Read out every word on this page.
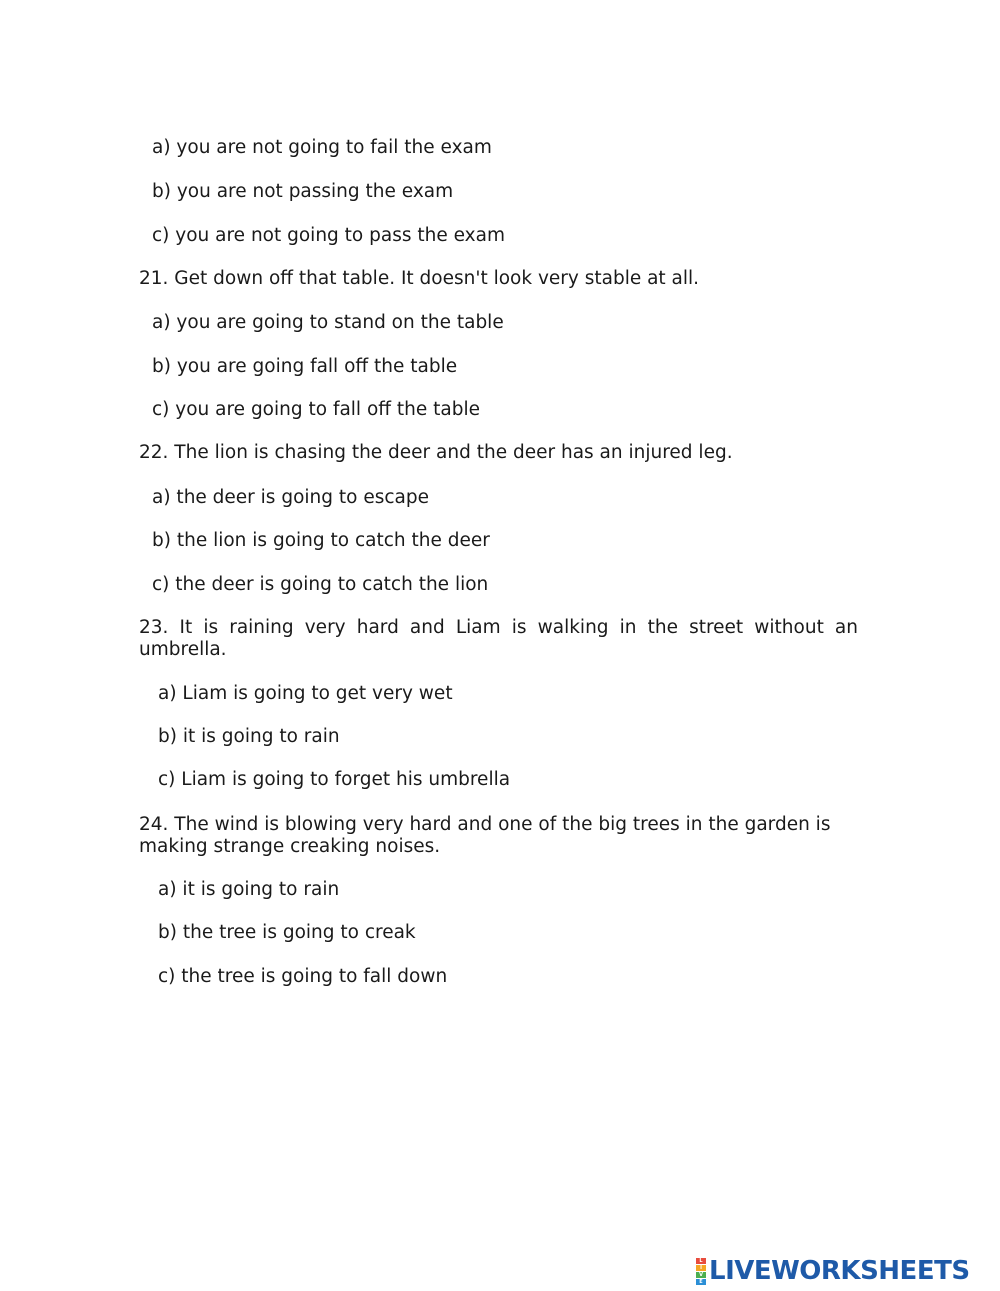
a) you are not going to fail the exam
b) you are not passing the exam
c) you are not going to pass the exam
21. Get down off that table. It doesn't look very stable at all.
a) you are going to stand on the table
b) you are going fall off the table
c) you are going to fall off the table
22. The lion is chasing the deer and the deer has an injured leg.
a) the deer is going to escape
b) the lion is going to catch the deer
c) the deer is going to catch the lion
23. It is raining very hard and Liam is walking in the street without an umbrella.
a) Liam is going to get very wet
b) it is going to rain
c) Liam is going to forget his umbrella
24. The wind is blowing very hard and one of the big trees in the garden is making strange creaking noises.
a) it is going to rain
b) the tree is going to creak
c) the tree is going to fall down
L
I
V
E LIVEWORKSHEETS
